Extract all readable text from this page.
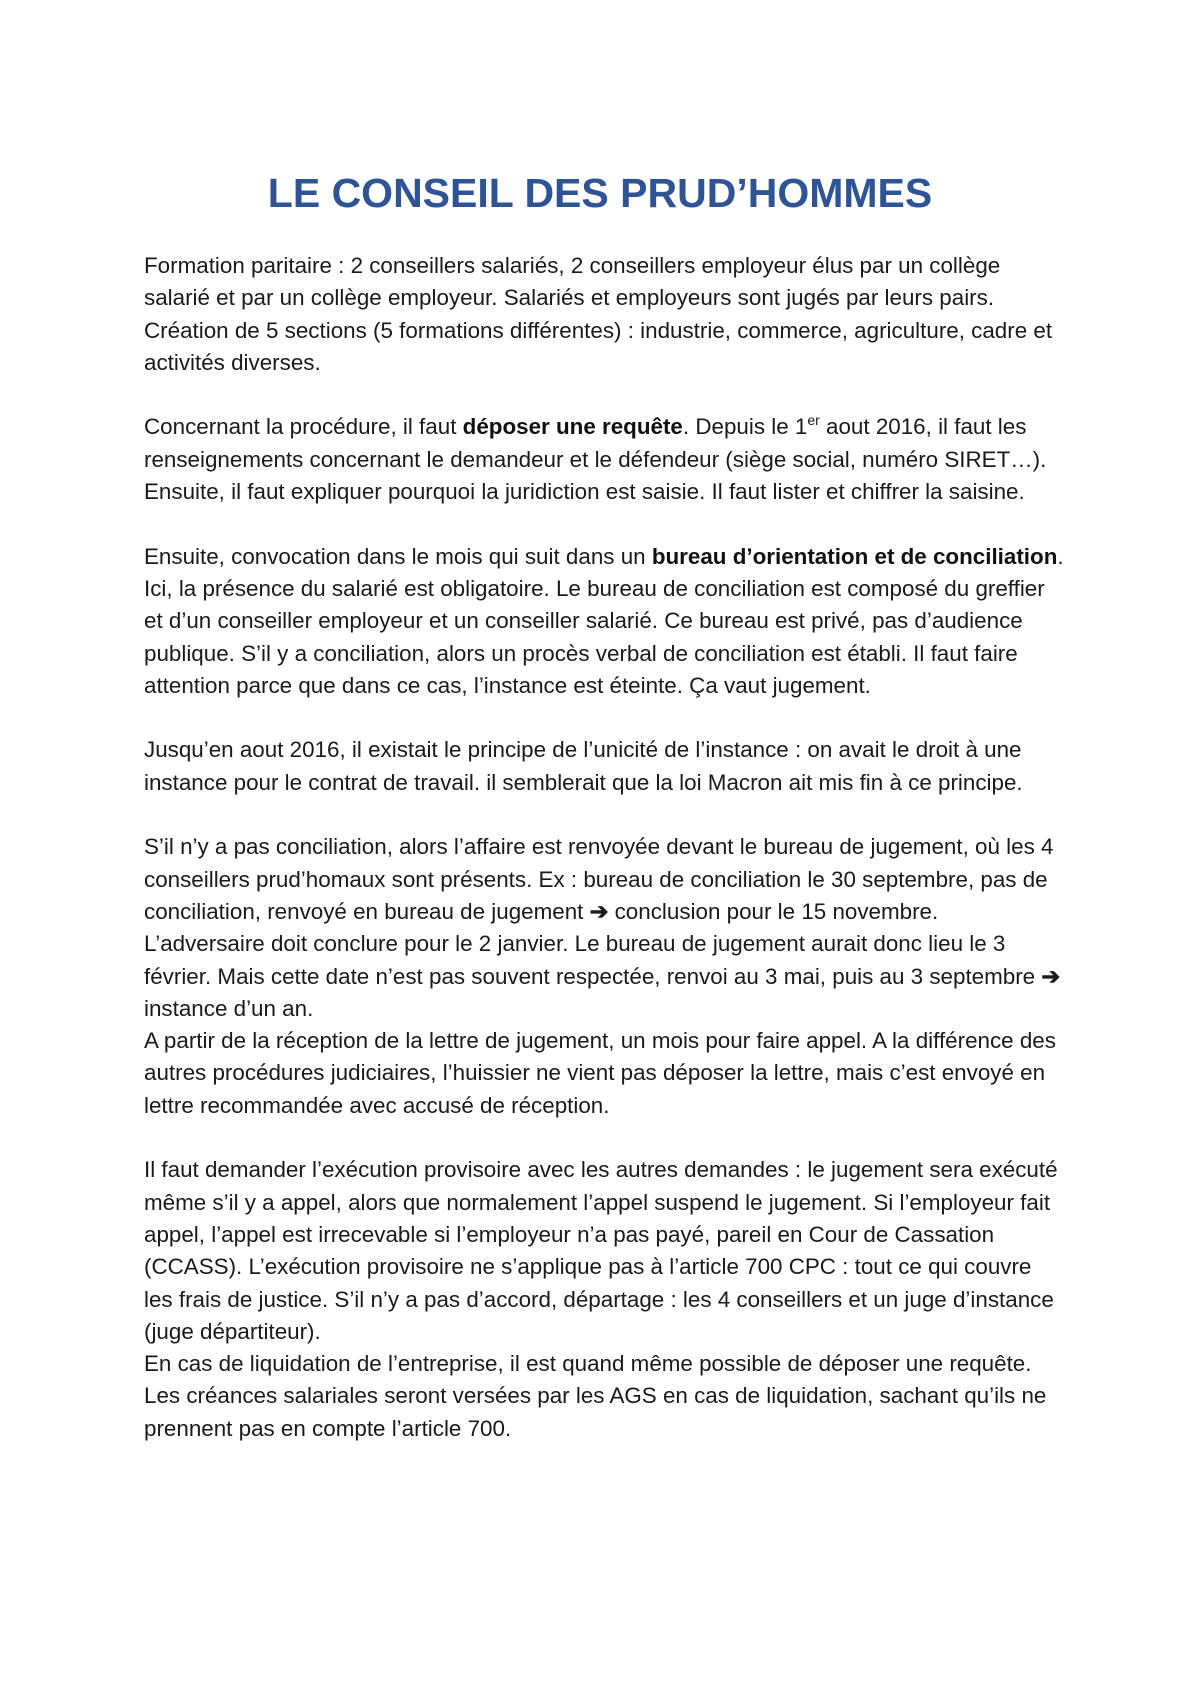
LE CONSEIL DES PRUD’HOMMES

Formation paritaire : 2 conseillers salariés, 2 conseillers employeur élus par un collège salarié et par un collège employeur. Salariés et employeurs sont jugés par leurs pairs. Création de 5 sections (5 formations différentes) : industrie, commerce, agriculture, cadre et activités diverses.

Concernant la procédure, il faut déposer une requête. Depuis le 1er aout 2016, il faut les renseignements concernant le demandeur et le défendeur (siège social, numéro SIRET…). Ensuite, il faut expliquer pourquoi la juridiction est saisie. Il faut lister et chiffrer la saisine.

Ensuite, convocation dans le mois qui suit dans un bureau d’orientation et de conciliation. Ici, la présence du salarié est obligatoire. Le bureau de conciliation est composé du greffier et d’un conseiller employeur et un conseiller salarié. Ce bureau est privé, pas d’audience publique. S’il y a conciliation, alors un procès verbal de conciliation est établi. Il faut faire attention parce que dans ce cas, l’instance est éteinte. Ça vaut jugement.

Jusqu’en aout 2016, il existait le principe de l’unicité de l’instance : on avait le droit à une instance pour le contrat de travail. il semblerait que la loi Macron ait mis fin à ce principe.

S’il n’y a pas conciliation, alors l’affaire est renvoyée devant le bureau de jugement, où les 4 conseillers prud’homaux sont présents. Ex : bureau de conciliation le 30 septembre, pas de conciliation, renvoyé en bureau de jugement ➔ conclusion pour le 15 novembre. L’adversaire doit conclure pour le 2 janvier. Le bureau de jugement aurait donc lieu le 3 février. Mais cette date n’est pas souvent respectée, renvoi au 3 mai, puis au 3 septembre ➔ instance d’un an.

A partir de la réception de la lettre de jugement, un mois pour faire appel. A la différence des autres procédures judiciaires, l’huissier ne vient pas déposer la lettre, mais c’est envoyé en lettre recommandée avec accusé de réception.

Il faut demander l’exécution provisoire avec les autres demandes : le jugement sera exécuté même s’il y a appel, alors que normalement l’appel suspend le jugement. Si l’employeur fait appel, l’appel est irrecevable si l’employeur n’a pas payé, pareil en Cour de Cassation (CCASS). L’exécution provisoire ne s’applique pas à l’article 700 CPC : tout ce qui couvre les frais de justice. S’il n’y a pas d’accord, départage : les 4 conseillers et un juge d’instance (juge départiteur).

En cas de liquidation de l’entreprise, il est quand même possible de déposer une requête. Les créances salariales seront versées par les AGS en cas de liquidation, sachant qu’ils ne prennent pas en compte l’article 700.
